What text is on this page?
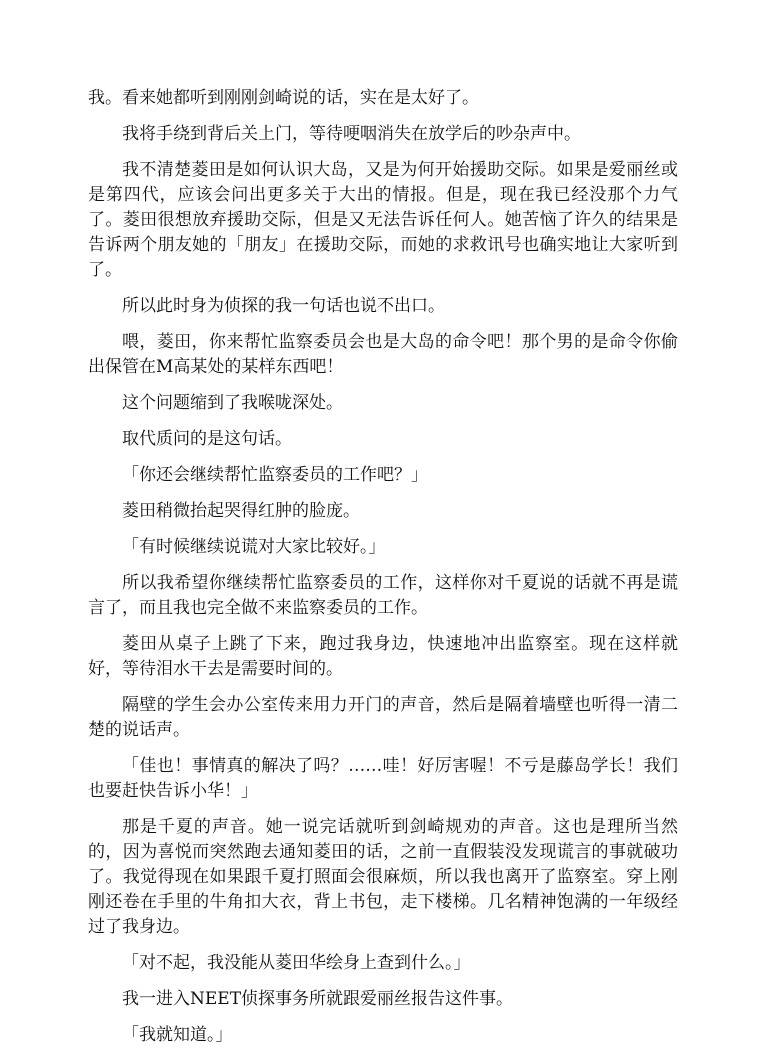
我。看来她都听到刚刚剑崎说的话，实在是太好了。

我将手绕到背后关上门，等待哽咽消失在放学后的吵杂声中。

我不清楚菱田是如何认识大岛，又是为何开始援助交际。如果是爱丽丝或是第四代，应该会问出更多关于大出的情报。但是，现在我已经没那个力气了。菱田很想放弃援助交际，但是又无法告诉任何人。她苦恼了许久的结果是告诉两个朋友她的「朋友」在援助交际，而她的求救讯号也确实地让大家听到了。

所以此时身为侦探的我一句话也说不出口。

喂，菱田，你来帮忙监察委员会也是大岛的命令吧！那个男的是命令你偷出保管在M高某处的某样东西吧！

这个问题缩到了我喉咙深处。

取代质问的是这句话。

「你还会继续帮忙监察委员的工作吧？」

菱田稍微抬起哭得红肿的脸庞。

「有时候继续说谎对大家比较好。」

所以我希望你继续帮忙监察委员的工作，这样你对千夏说的话就不再是谎言了，而且我也完全做不来监察委员的工作。

菱田从桌子上跳了下来，跑过我身边，快速地冲出监察室。现在这样就好，等待泪水干去是需要时间的。

隔壁的学生会办公室传来用力开门的声音，然后是隔着墙壁也听得一清二楚的说话声。

「佳也！事情真的解决了吗？……哇！好厉害喔！不亏是藤岛学长！我们也要赶快告诉小华！」

那是千夏的声音。她一说完话就听到剑崎规劝的声音。这也是理所当然的，因为喜悦而突然跑去通知菱田的话，之前一直假装没发现谎言的事就破功了。我觉得现在如果跟千夏打照面会很麻烦，所以我也离开了监察室。穿上刚刚还卷在手里的牛角扣大衣，背上书包，走下楼梯。几名精神饱满的一年级经过了我身边。

「对不起，我没能从菱田华绘身上查到什么。」

我一进入NEET侦探事务所就跟爱丽丝报告这件事。

「我就知道。」
